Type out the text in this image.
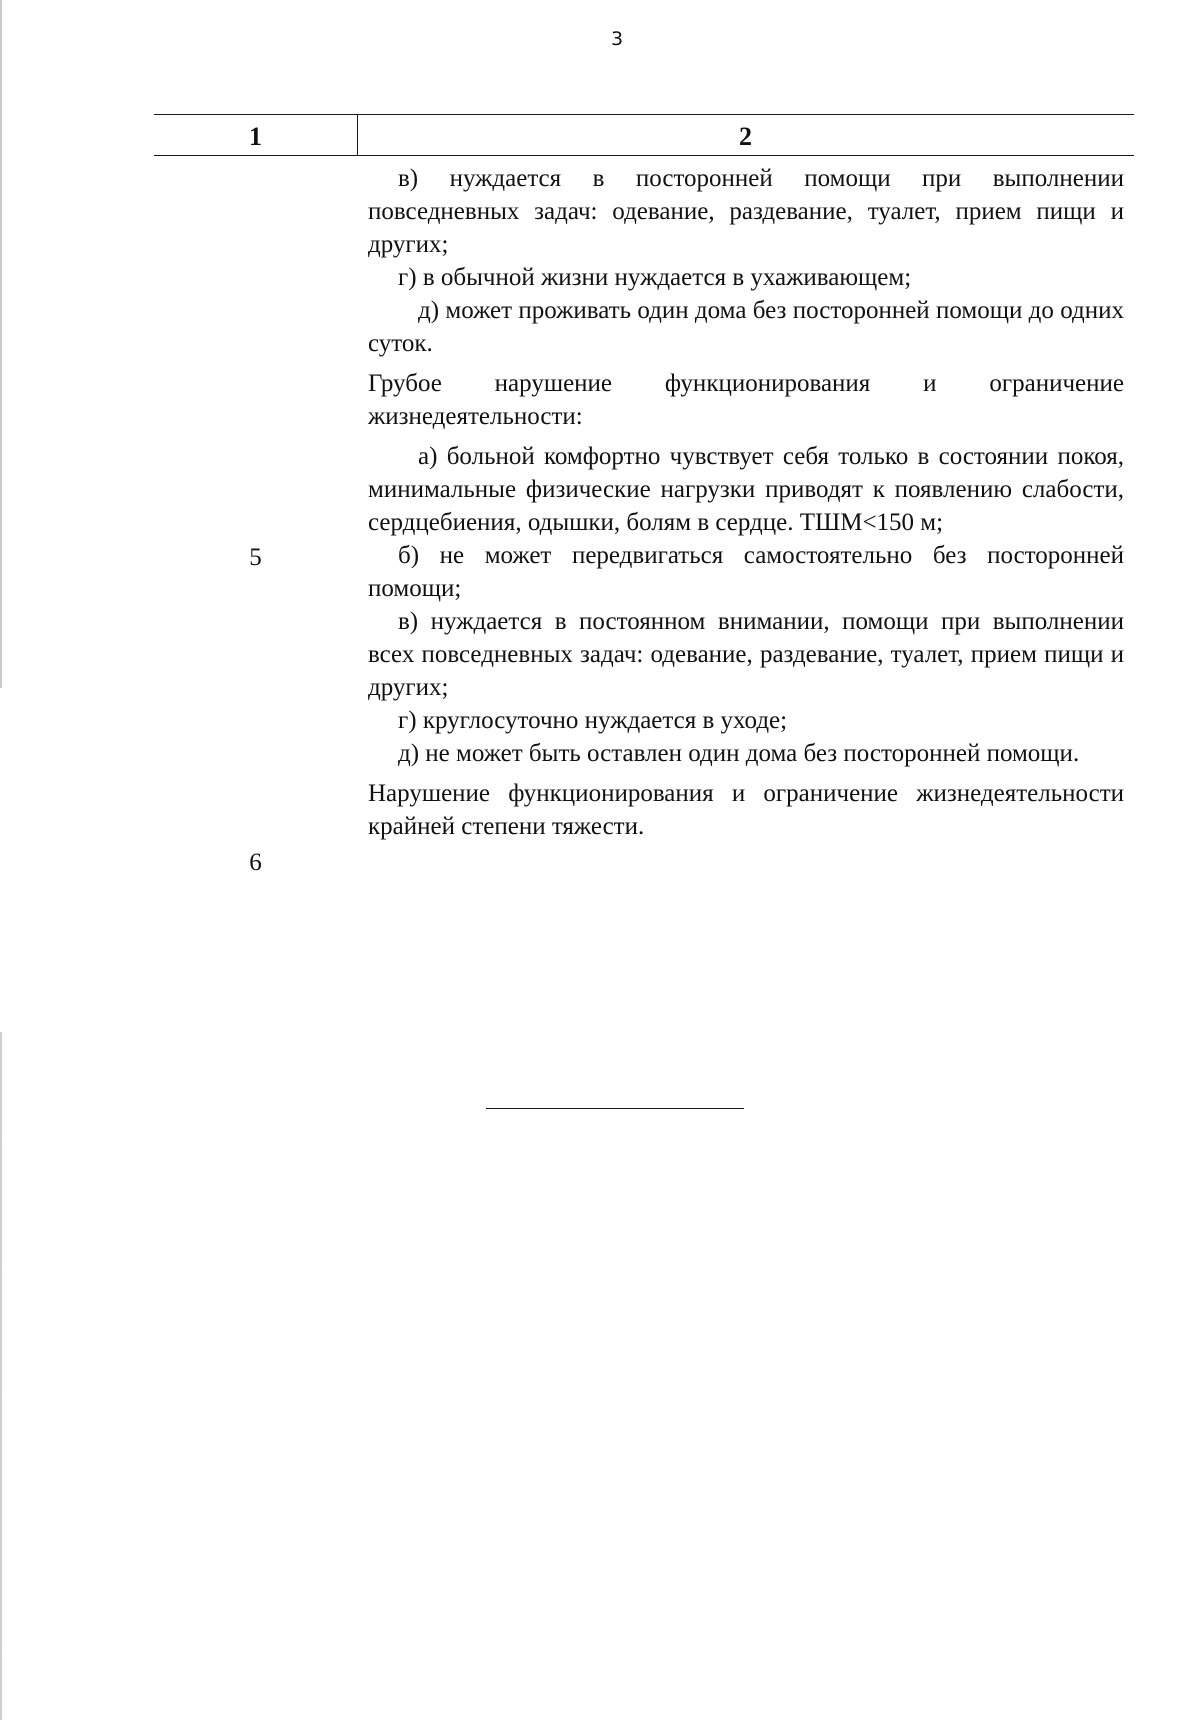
3
1	2
5
6

в) нуждается в посторонней помощи при выполнении повседневных задач: одевание, раздевание, туалет, прием пищи и других;

г) в обычной жизни нуждается в ухаживающем;

д) может проживать один дома без посторонней помощи до одних суток.

Грубое нарушение функционирования и ограничение жизнедеятельности:

а) больной комфортно чувствует себя только в состоянии покоя, минимальные физические нагрузки приводят к появлению слабости, сердцебиения, одышки, болям в сердце. ТШМ<150 м;

б) не может передвигаться самостоятельно без посторонней помощи;

в) нуждается в постоянном внимании, помощи при выполнении всех повседневных задач: одевание, раздевание, туалет, прием пищи и других;

г) круглосуточно нуждается в уходе;

д) не может быть оставлен один дома без посторонней помощи.

Нарушение функционирования и ограничение жизнедеятельности крайней степени тяжести.
